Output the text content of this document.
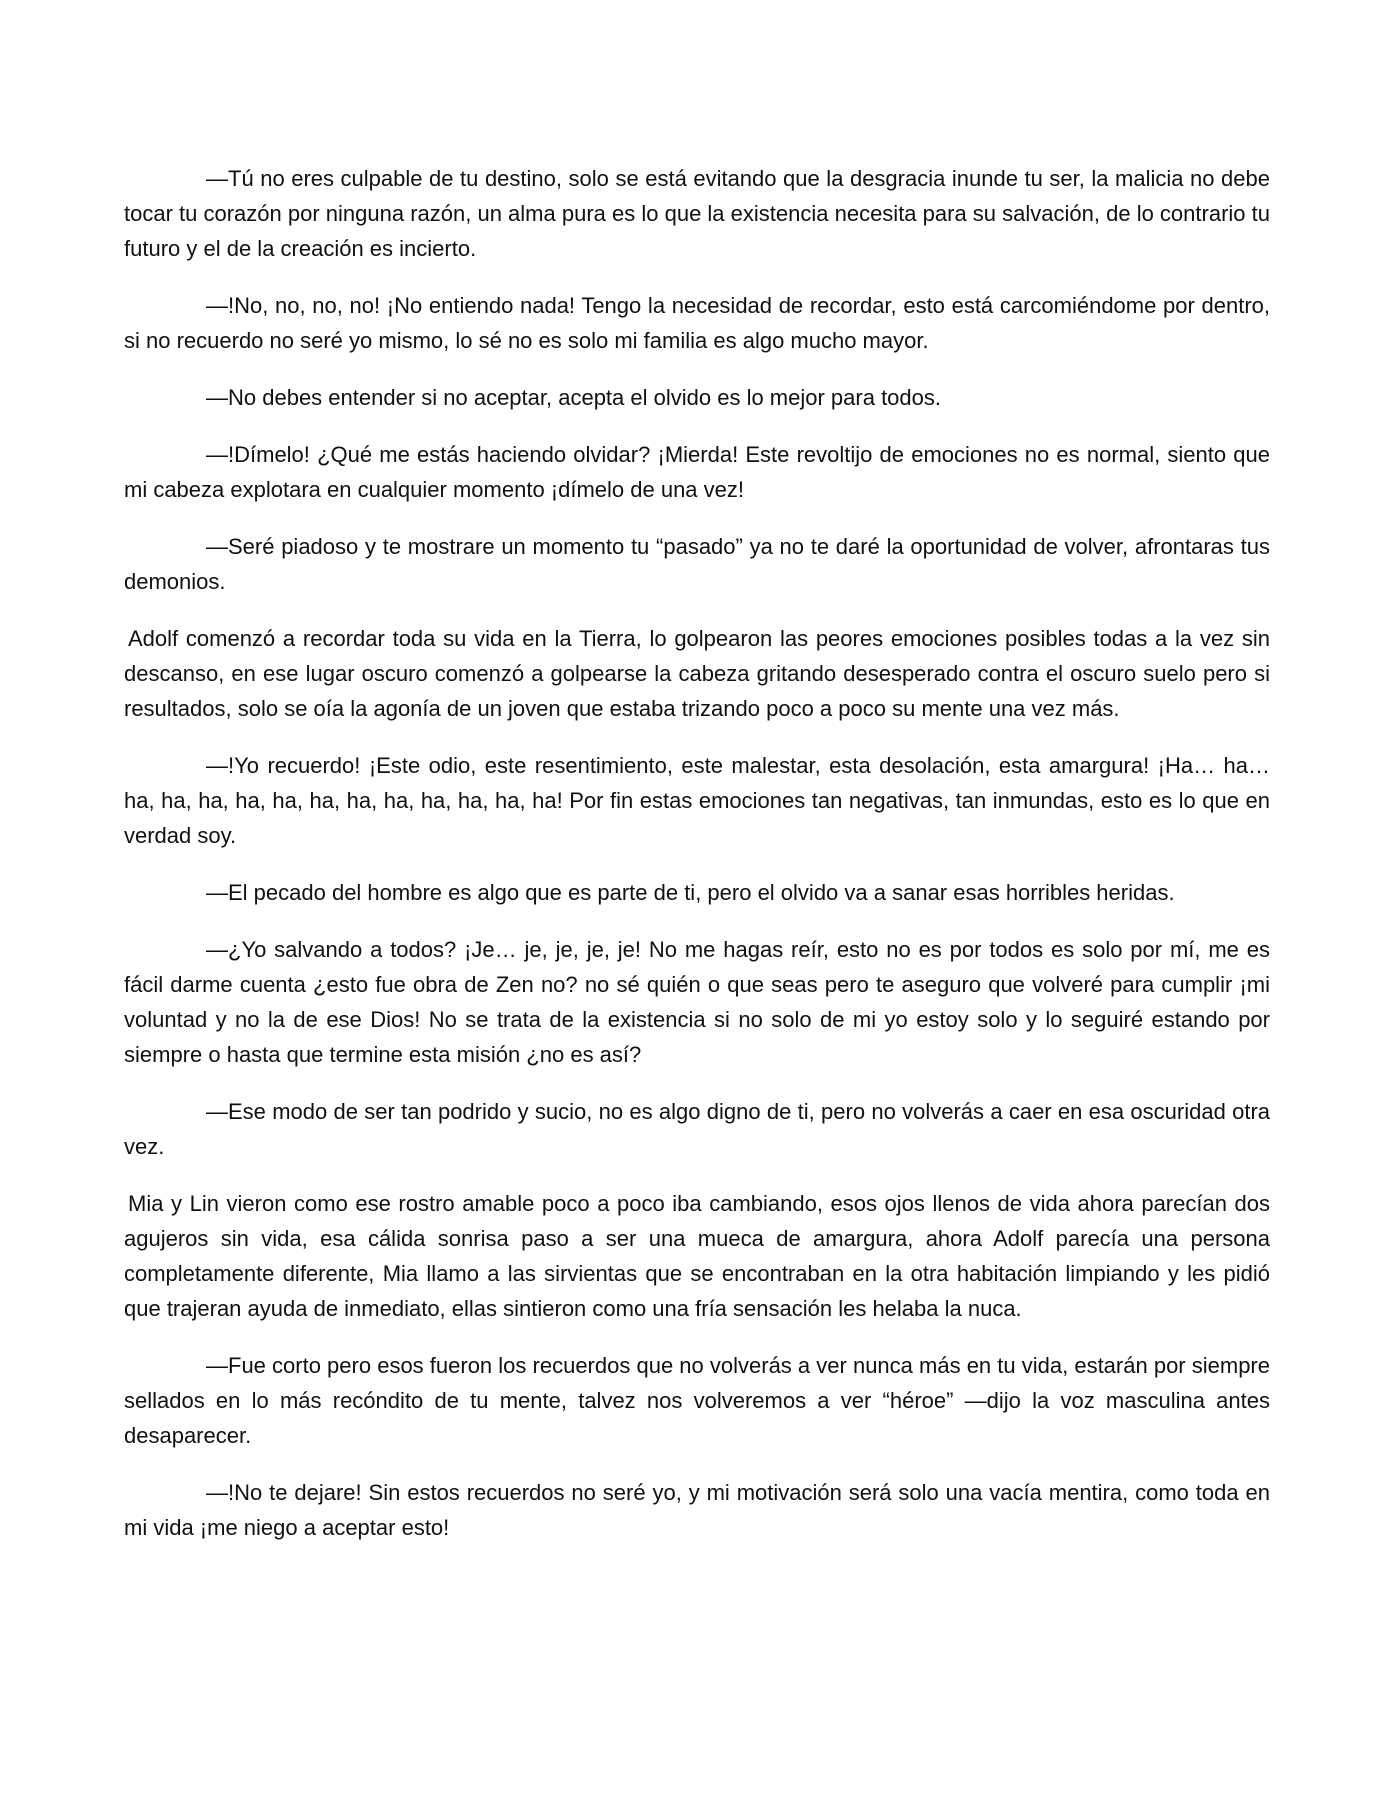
—Tú no eres culpable de tu destino, solo se está evitando que la desgracia inunde tu ser, la malicia no debe tocar tu corazón por ninguna razón, un alma pura es lo que la existencia necesita para su salvación, de lo contrario tu futuro y el de la creación es incierto.

—!No, no, no, no! ¡No entiendo nada! Tengo la necesidad de recordar, esto está carcomiéndome por dentro, si no recuerdo no seré yo mismo, lo sé no es solo mi familia es algo mucho mayor.

—No debes entender si no aceptar, acepta el olvido es lo mejor para todos.

—!Dímelo! ¿Qué me estás haciendo olvidar? ¡Mierda! Este revoltijo de emociones no es normal, siento que mi cabeza explotara en cualquier momento ¡dímelo de una vez!

—Seré piadoso y te mostrare un momento tu “pasado” ya no te daré la oportunidad de volver, afrontaras tus demonios.

Adolf comenzó a recordar toda su vida en la Tierra, lo golpearon las peores emociones posibles todas a la vez sin descanso, en ese lugar oscuro comenzó a golpearse la cabeza gritando desesperado contra el oscuro suelo pero si resultados, solo se oía la agonía de un joven que estaba trizando poco a poco su mente una vez más.

—!Yo recuerdo! ¡Este odio, este resentimiento, este malestar, esta desolación, esta amargura! ¡Ha… ha… ha, ha, ha, ha, ha, ha, ha, ha, ha, ha, ha, ha! Por fin estas emociones tan negativas, tan inmundas, esto es lo que en verdad soy.

—El pecado del hombre es algo que es parte de ti, pero el olvido va a sanar esas horribles heridas.

—¿Yo salvando a todos? ¡Je… je, je, je, je! No me hagas reír, esto no es por todos es solo por mí, me es fácil darme cuenta ¿esto fue obra de Zen no? no sé quién o que seas pero te aseguro que volveré para cumplir ¡mi voluntad y no la de ese Dios! No se trata de la existencia si no solo de mi yo estoy solo y lo seguiré estando por siempre o hasta que termine esta misión ¿no es así?

—Ese modo de ser tan podrido y sucio, no es algo digno de ti, pero no volverás a caer en esa oscuridad otra vez.

Mia y Lin vieron como ese rostro amable poco a poco iba cambiando, esos ojos llenos de vida ahora parecían dos agujeros sin vida, esa cálida sonrisa paso a ser una mueca de amargura, ahora Adolf parecía una persona completamente diferente, Mia llamo a las sirvientas que se encontraban en la otra habitación limpiando y les pidió que trajeran ayuda de inmediato, ellas sintieron como una fría sensación les helaba la nuca.

—Fue corto pero esos fueron los recuerdos que no volverás a ver nunca más en tu vida, estarán por siempre sellados en lo más recóndito de tu mente, talvez nos volveremos a ver “héroe” —dijo la voz masculina antes desaparecer.

—!No te dejare! Sin estos recuerdos no seré yo, y mi motivación será solo una vacía mentira, como toda en mi vida ¡me niego a aceptar esto!
